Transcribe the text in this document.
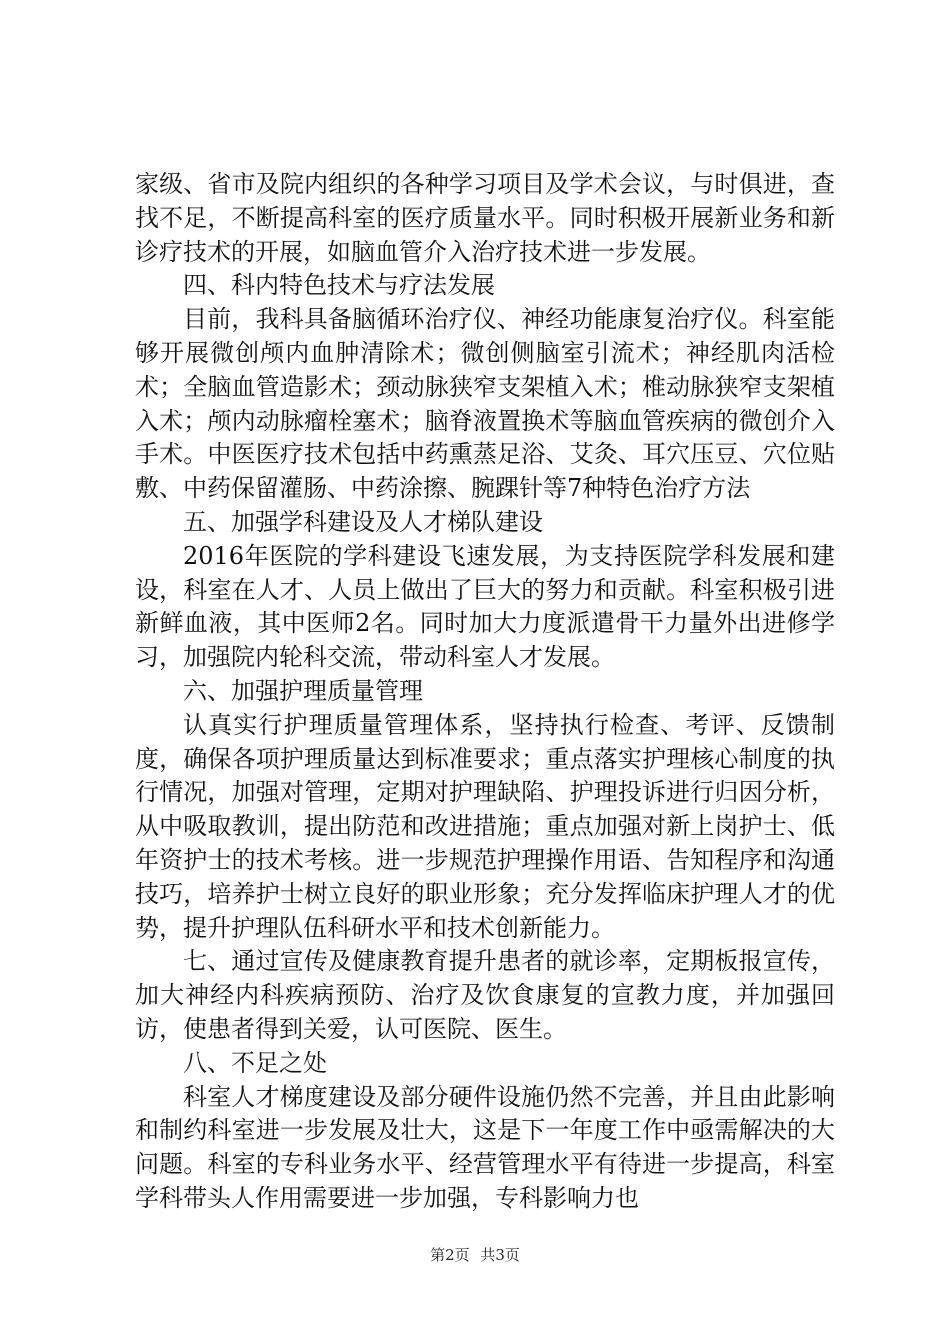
家级、省市及院内组织的各种学习项目及学术会议，与时俱进，查找不足，不断提高科室的医疗质量水平。同时积极开展新业务和新诊疗技术的开展，如脑血管介入治疗技术进一步发展。

四、科内特色技术与疗法发展

目前，我科具备脑循环治疗仪、神经功能康复治疗仪。科室能够开展微创颅内血肿清除术；微创侧脑室引流术；神经肌肉活检术；全脑血管造影术；颈动脉狭窄支架植入术；椎动脉狭窄支架植入术；颅内动脉瘤栓塞术；脑脊液置换术等脑血管疾病的微创介入手术。中医医疗技术包括中药熏蒸足浴、艾灸、耳穴压豆、穴位贴敷、中药保留灌肠、中药涂擦、腕踝针等7种特色治疗方法

五、加强学科建设及人才梯队建设

2016年医院的学科建设飞速发展，为支持医院学科发展和建设，科室在人才、人员上做出了巨大的努力和贡献。科室积极引进新鲜血液，其中医师2名。同时加大力度派遣骨干力量外出进修学习，加强院内轮科交流，带动科室人才发展。

六、加强护理质量管理

认真实行护理质量管理体系，坚持执行检查、考评、反馈制度，确保各项护理质量达到标准要求；重点落实护理核心制度的执行情况，加强对管理，定期对护理缺陷、护理投诉进行归因分析，从中吸取教训，提出防范和改进措施；重点加强对新上岗护士、低年资护士的技术考核。进一步规范护理操作用语、告知程序和沟通技巧，培养护士树立良好的职业形象；充分发挥临床护理人才的优势，提升护理队伍科研水平和技术创新能力。

七、通过宣传及健康教育提升患者的就诊率，定期板报宣传，加大神经内科疾病预防、治疗及饮食康复的宣教力度，并加强回访，使患者得到关爱，认可医院、医生。

八、不足之处

科室人才梯度建设及部分硬件设施仍然不完善，并且由此影响和制约科室进一步发展及壮大，这是下一年度工作中亟需解决的大问题。科室的专科业务水平、经营管理水平有待进一步提高，科室学科带头人作用需要进一步加强，专科影响力也

第2页 共3页
